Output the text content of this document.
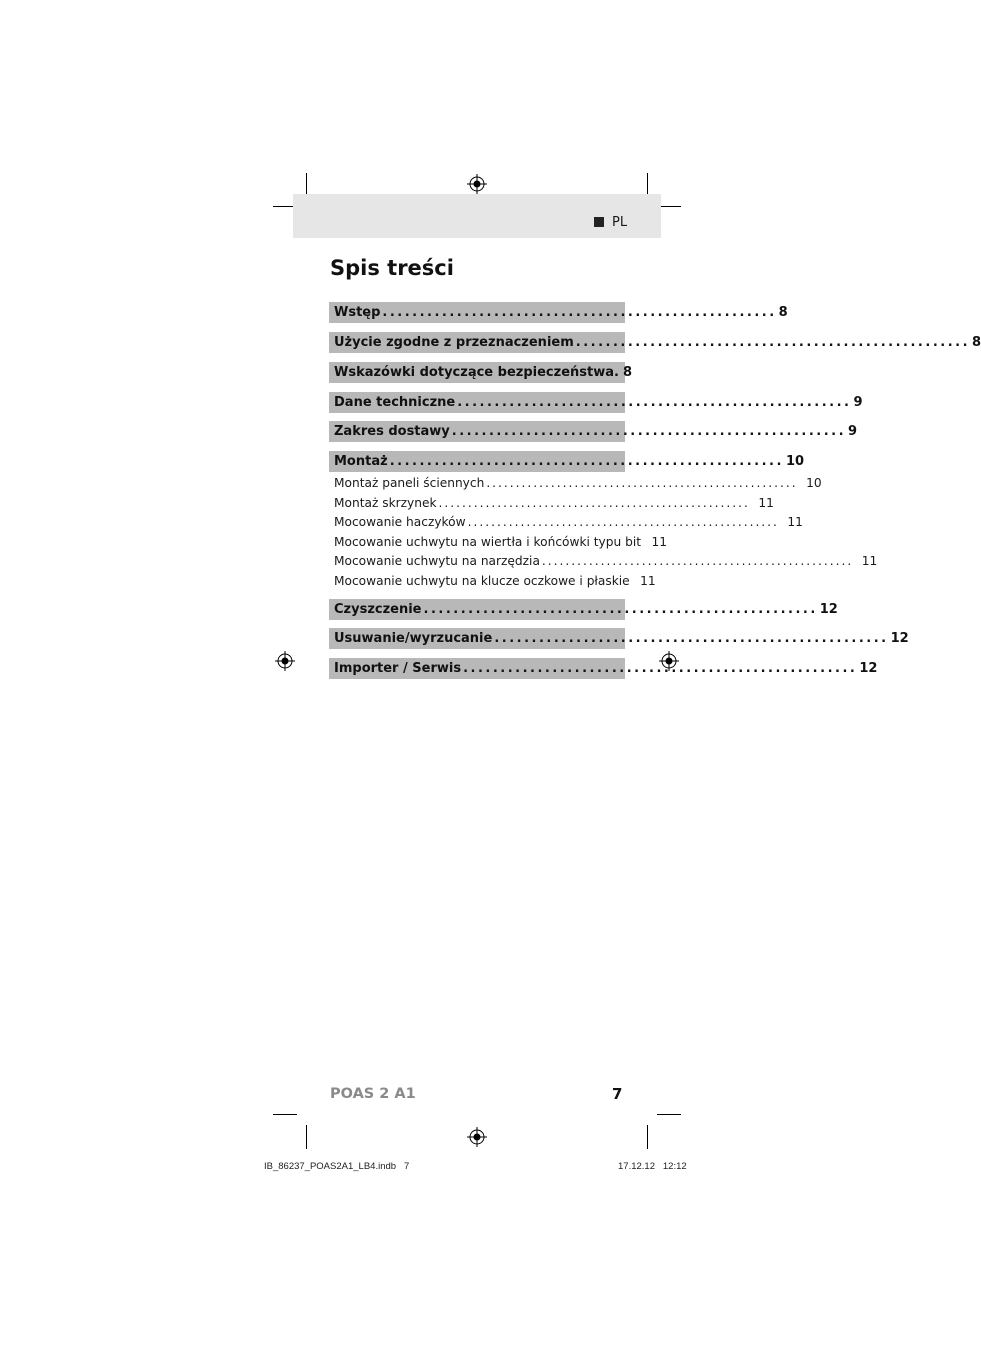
PL
Spis treści
Wstęp ..................................................... 8
Użycie zgodne z przeznaczeniem ..................................................... 8
Wskazówki dotyczące bezpieczeństwa. 8
Dane techniczne ..................................................... 9
Zakres dostawy ..................................................... 9
Montaż ..................................................... 10
Montaż paneli ściennych ..................................................... 10
Montaż skrzynek ..................................................... 11
Mocowanie haczyków ..................................................... 11
Mocowanie uchwytu na wiertła i końcówki typu bit 11
Mocowanie uchwytu na narzędzia ..................................................... 11
Mocowanie uchwytu na klucze oczkowe i płaskie 11
Czyszczenie ..................................................... 12
Usuwanie/wyrzucanie ..................................................... 12
Importer / Serwis ..................................................... 12
POAS 2 A1	7
IB_86237_POAS2A1_LB4.indb   7	17.12.12   12:12
